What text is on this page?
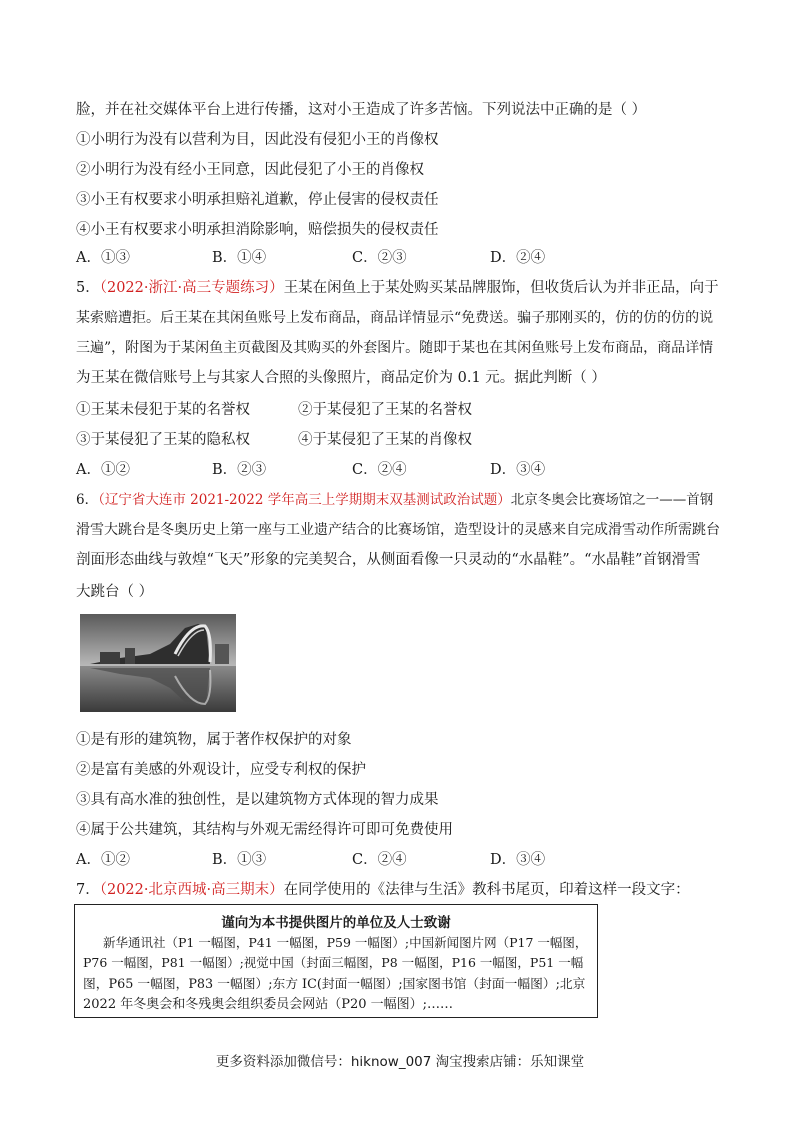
脸，并在社交媒体平台上进行传播，这对小王造成了许多苦恼。下列说法中正确的是（ ）
①小明行为没有以营利为目，因此没有侵犯小王的肖像权
②小明行为没有经小王同意，因此侵犯了小王的肖像权
③小王有权要求小明承担赔礼道歉，停止侵害的侵权责任
④小王有权要求小明承担消除影响，赔偿损失的侵权责任
A．①③	B．①④	C．②③	D．②④
5．（2022·浙江·高三专题练习）王某在闲鱼上于某处购买某品牌服饰，但收货后认为并非正品，向于
某索赔遭拒。后王某在其闲鱼账号上发布商品，商品详情显示“免费送。骗子那刚买的，仿的仿的仿的说
三遍”，附图为于某闲鱼主页截图及其购买的外套图片。随即于某也在其闲鱼账号上发布商品，商品详情
为王某在微信账号上与其家人合照的头像照片，商品定价为 0.1 元。据此判断（ ）
①王某未侵犯于某的名誉权	②于某侵犯了王某的名誉权
③于某侵犯了王某的隐私权	④于某侵犯了王某的肖像权
A．①②	B．②③	C．②④	D．③④
6．（辽宁省大连市 2021-2022 学年高三上学期期末双基测试政治试题）北京冬奥会比赛场馆之一——首钢
滑雪大跳台是冬奥历史上第一座与工业遗产结合的比赛场馆，造型设计的灵感来自完成滑雪动作所需跳台
剖面形态曲线与敦煌“飞天”形象的完美契合，从侧面看像一只灵动的“水晶鞋”。“水晶鞋”首钢滑雪
大跳台（ ）
①是有形的建筑物，属于著作权保护的对象
②是富有美感的外观设计，应受专利权的保护
③具有高水准的独创性，是以建筑物方式体现的智力成果
④属于公共建筑，其结构与外观无需经得许可即可免费使用
A．①②	B．①③	C．②④	D．③④
7．（2022·北京西城·高三期末）在同学使用的《法律与生活》教科书尾页，印着这样一段文字：
谨向为本书提供图片的单位及人士致谢
新华通讯社（P1 一幅图，P41 一幅图，P59 一幅图）;中国新闻图片网（P17 一幅图，
P76 一幅图，P81 一幅图）;视觉中国（封面三幅图，P8 一幅图，P16 一幅图，P51 一幅
图，P65 一幅图，P83 一幅图）;东方 IC(封面一幅图）;国家图书馆（封面一幅图）;北京
2022 年冬奥会和冬残奥会组织委员会网站（P20 一幅图）;……
更多资料添加微信号：hiknow_007 淘宝搜索店铺：乐知课堂
